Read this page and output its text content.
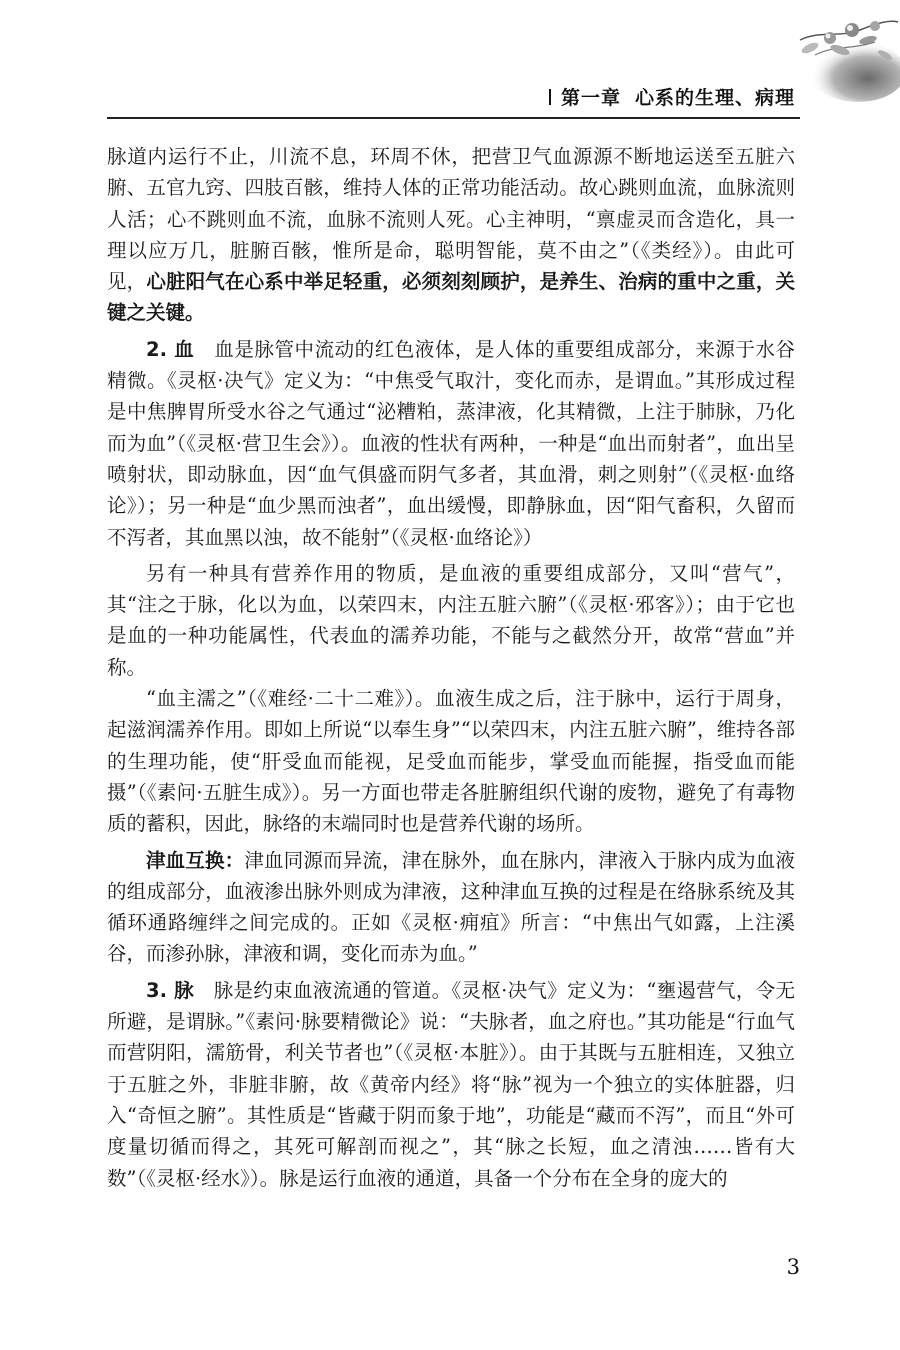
第一章 心系的生理、病理

脉道内运行不止，川流不息，环周不休，把营卫气血源源不断地运送至五脏六腑、五官九窍、四肢百骸，维持人体的正常功能活动。故心跳则血流，血脉流则人活；心不跳则血不流，血脉不流则人死。心主神明，“禀虚灵而含造化，具一理以应万几，脏腑百骸，惟所是命，聪明智能，莫不由之”（《类经》）。由此可见，心脏阳气在心系中举足轻重，必须刻刻顾护，是养生、治病的重中之重，关键之关键。

2. 血　 血是脉管中流动的红色液体，是人体的重要组成部分，来源于水谷精微。《灵枢·决气》定义为：“中焦受气取汁，变化而赤，是谓血。”其形成过程是中焦脾胃所受水谷之气通过“泌糟粕，蒸津液，化其精微，上注于肺脉，乃化而为血”（《灵枢·营卫生会》）。血液的性状有两种，一种是“血出而射者”，血出呈喷射状，即动脉血，因“血气俱盛而阴气多者，其血滑，刺之则射”（《灵枢·血络论》）；另一种是“血少黑而浊者”，血出缓慢，即静脉血，因“阳气畜积，久留而不泻者，其血黑以浊，故不能射”（《灵枢·血络论》）

另有一种具有营养作用的物质，是血液的重要组成部分，又叫“营气”，其“注之于脉，化以为血，以荣四末，内注五脏六腑”（《灵枢·邪客》）；由于它也是血的一种功能属性，代表血的濡养功能，不能与之截然分开，故常“营血”并称。

“血主濡之”（《难经·二十二难》）。血液生成之后，注于脉中，运行于周身，起滋润濡养作用。即如上所说“以奉生身”“以荣四末，内注五脏六腑”，维持各部的生理功能，使“肝受血而能视，足受血而能步，掌受血而能握，指受血而能摄”（《素问·五脏生成》）。另一方面也带走各脏腑组织代谢的废物，避免了有毒物质的蓄积，因此，脉络的末端同时也是营养代谢的场所。

津血互换：津血同源而异流，津在脉外，血在脉内，津液入于脉内成为血液的组成部分，血液渗出脉外则成为津液，这种津血互换的过程是在络脉系统及其循环通路缠绊之间完成的。正如《灵枢·痈疽》所言：“中焦出气如露，上注溪谷，而渗孙脉，津液和调，变化而赤为血。”

3. 脉　 脉是约束血液流通的管道。《灵枢·决气》定义为：“壅遏营气，令无所避，是谓脉。”《素问·脉要精微论》说：“夫脉者，血之府也。”其功能是“行血气而营阴阳，濡筋骨，利关节者也”（《灵枢·本脏》）。由于其既与五脏相连，又独立于五脏之外，非脏非腑，故《黄帝内经》将“脉”视为一个独立的实体脏器，归入“奇恒之腑”。其性质是“皆藏于阴而象于地”，功能是“藏而不泻”，而且“外可度量切循而得之，其死可解剖而视之”，其“脉之长短，血之清浊……皆有大数”（《灵枢·经水》）。脉是运行血液的通道，具备一个分布在全身的庞大的

3
